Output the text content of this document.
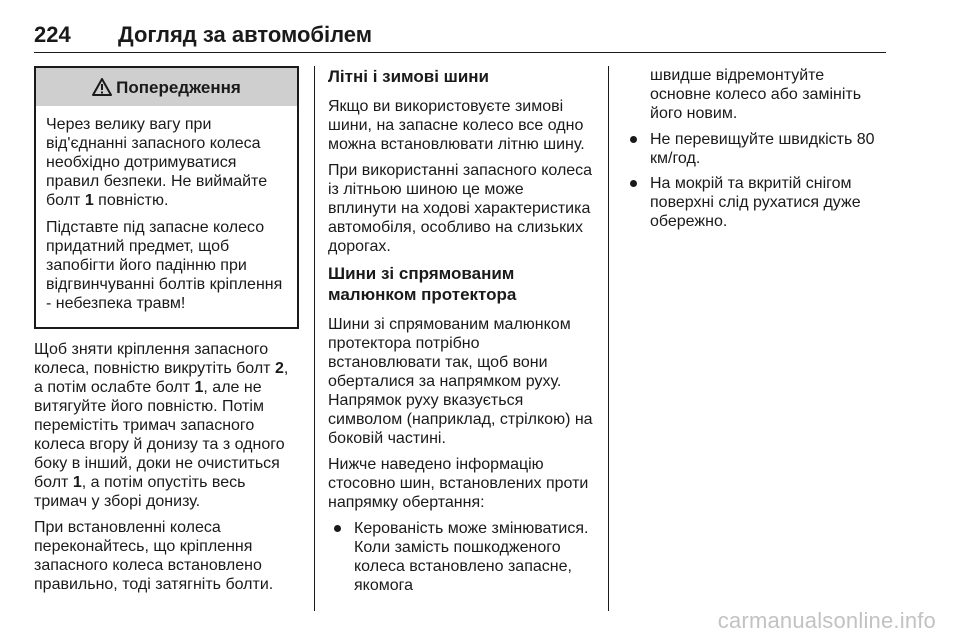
224 Догляд за автомобілем
Попередження

Через велику вагу при від'єднанні запасного колеса необхідно дотримуватися правил безпеки. Не виймайте болт 1 повністю.

Підставте під запасне колесо придатний предмет, щоб запобігти його падінню при відгвинчуванні болтів кріплення - небезпека травм!

Щоб зняти кріплення запасного колеса, повністю викрутіть болт 2, а потім ослабте болт 1, але не витягуйте його повністю. Потім перемістіть тримач запасного колеса вгору й донизу та з одного боку в інший, доки не очиститься болт 1, а потім опустіть весь тримач у зборі донизу.

При встановленні колеса переконайтесь, що кріплення запасного колеса встановлено правильно, тоді затягніть болти.

Літні і зимові шини

Якщо ви використовуєте зимові шини, на запасне колесо все одно можна встановлювати літню шину.

При використанні запасного колеса із літньою шиною це може вплинути на ходові характеристика автомобіля, особливо на слизьких дорогах.

Шини зі спрямованим малюнком протектора

Шини зі спрямованим малюнком протектора потрібно встановлювати так, щоб вони оберталися за напрямком руху. Напрямок руху вказується символом (наприклад, стрілкою) на боковій частині.

Нижче наведено інформацію стосовно шин, встановлених проти напрямку обертання:

Керованість може змінюватися. Коли замість пошкодженого колеса встановлено запасне, якомога

швидше відремонтуйте основне колесо або замініть його новим.

Не перевищуйте швидкість 80 км/год.
На мокрій та вкритій снігом поверхні слід рухатися дуже обережно.
carmanualsonline.info
